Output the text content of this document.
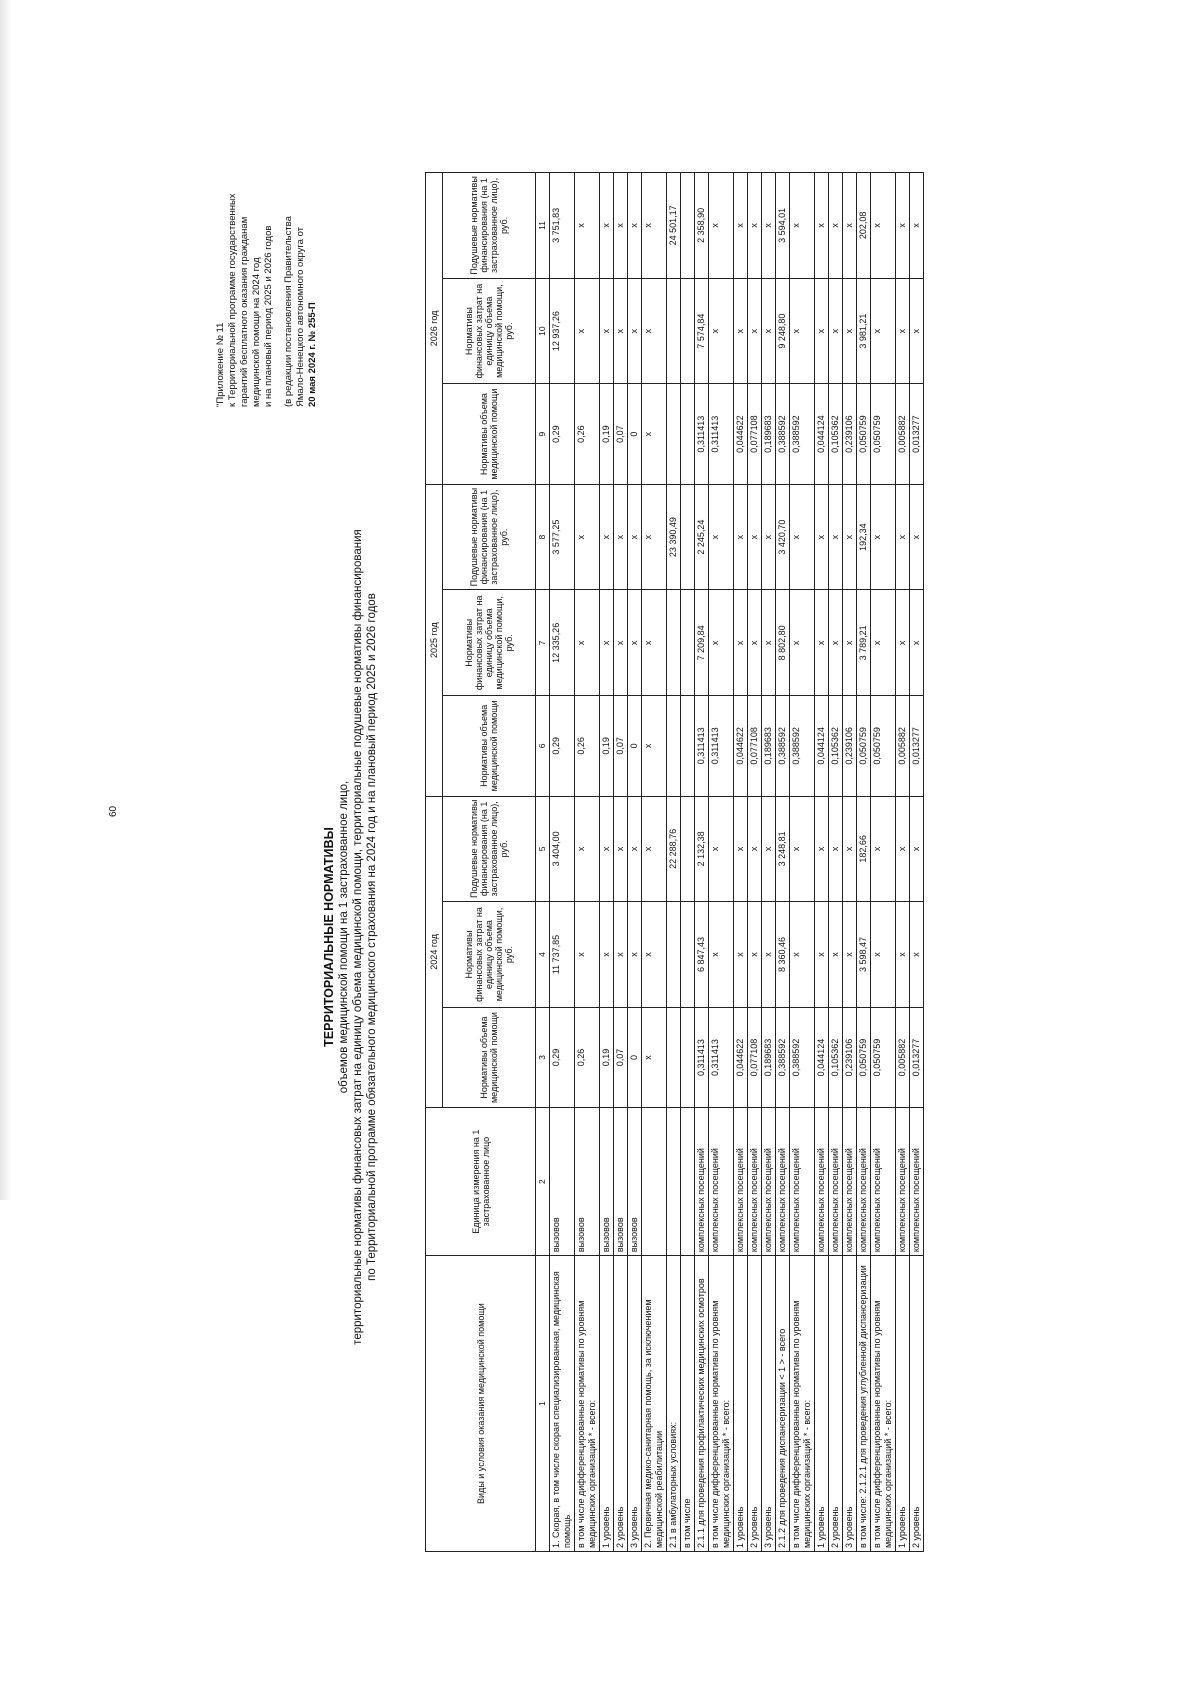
60
"Приложение № 11 к Территориальной программе государственных гарантий бесплатного оказания гражданам медицинской помощи на 2024 год и на плановый период 2025 и 2026 годов (в редакции постановления Правительства Ямало-Ненецкого автономного округа от 20 мая 2024 г. № 255-П
ТЕРРИТОРИАЛЬНЫЕ НОРМАТИВЫ объемов медицинской помощи на 1 застрахованное лицо, территориальные нормативы финансовых затрат на единицу объема медицинской помощи, территориальные подушевые нормативы финансирования по Территориальной программе обязательного медицинского страхования на 2024 год и на плановый период 2025 и 2026 годов
Виды и условия оказания медицинской помощи	Единица измерения на 1 застрахованное лицо	2024 год			2025 год			2026 год		
		Нормативы объема медицинской помощи	Нормативы финансовых затрат на единицу объема медицинской помощи, руб.	Подушевые нормативы финансирования (на 1 застрахованное лицо), руб.	Нормативы объема медицинской помощи	Нормативы финансовых затрат на единицу объема медицинской помощи, руб.	Подушевые нормативы финансирования (на 1 застрахованное лицо), руб.	Нормативы объема медицинской помощи	Нормативы финансовых затрат на единицу объема медицинской помощи, руб.	Подушевые нормативы финансирования (на 1 застрахованное лицо), руб.
1	2	3	4	5	6	7	8	9	10	11
1. Скорая, в том числе скорая специализированная, медицинская помощь	вызовов	0,29	11 737,85	3 404,00	0,29	12 335,26	3 577,25	0,29	12 937,26	3 751,83
в том числе дифференцированные нормативы по уровням медицинских организаций * - всего:	вызовов	0,26	х	х	0,26	х	х	0,26	х	х
1 уровень	вызовов	0,19	х	х	0,19	х	х	0,19	х	х
2 уровень	вызовов	0,07	х	х	0,07	х	х	0,07	х	х
3 уровень	вызовов	0	х	х	0	х	х	0	х	х
2. Первичная медико-санитарная помощь, за исключением медицинской реабилитации		х	х	х	х	х	х	х	х	х
2.1 в амбулаторных условиях:				22 288,76			23 390,49			24 501,17
в том числе										
2.1.1 для проведения профилактических медицинских осмотров	комплексных посещений	0,311413	6 847,43	2 132,38	0,311413	7 209,84	2 245,24	0,311413	7 574,84	2 358,90
в том числе дифференцированные нормативы по уровням медицинских организаций * - всего:	комплексных посещений	0,311413	х	х	0,311413	х	х	0,311413	х	х
1 уровень	комплексных посещений	0,044622	х	х	0,044622	х	х	0,044622	х	х
2 уровень	комплексных посещений	0,077108	х	х	0,077108	х	х	0,077108	х	х
3 уровень	комплексных посещений	0,189683	х	х	0,189683	х	х	0,189683	х	х
2.1.2 для проведения диспансеризации < 1 > - всего	комплексных посещений	0,388592	8 360,46	3 248,81	0,388592	8 802,80	3 420,70	0,388592	9 248,80	3 594,01
в том числе дифференцированные нормативы по уровням медицинских организаций * - всего:	комплексных посещений	0,388592	х	х	0,388592	х	х	0,388592	х	х
1 уровень	комплексных посещений	0,044124	х	х	0,044124	х	х	0,044124	х	х
2 уровень	комплексных посещений	0,105362	х	х	0,105362	х	х	0,105362	х	х
3 уровень	комплексных посещений	0,239106	х	х	0,239106	х	х	0,239106	х	х
в том числе: 2.1.2.1 для проведения углубленной диспансеризации	комплексных посещений	0,050759	3 598,47	182,66	0,050759	3 789,21	192,34	0,050759	3 981,21	202,08
в том числе дифференцированные нормативы по уровням медицинских организаций * - всего:	комплексных посещений	0,050759	х	х	0,050759	х	х	0,050759	х	х
1 уровень	комплексных посещений	0,005882	х	х	0,005882	х	х	0,005882	х	х
2 уровень	комплексных посещений	0,013277	х	х	0,013277	х	х	0,013277	х	х
